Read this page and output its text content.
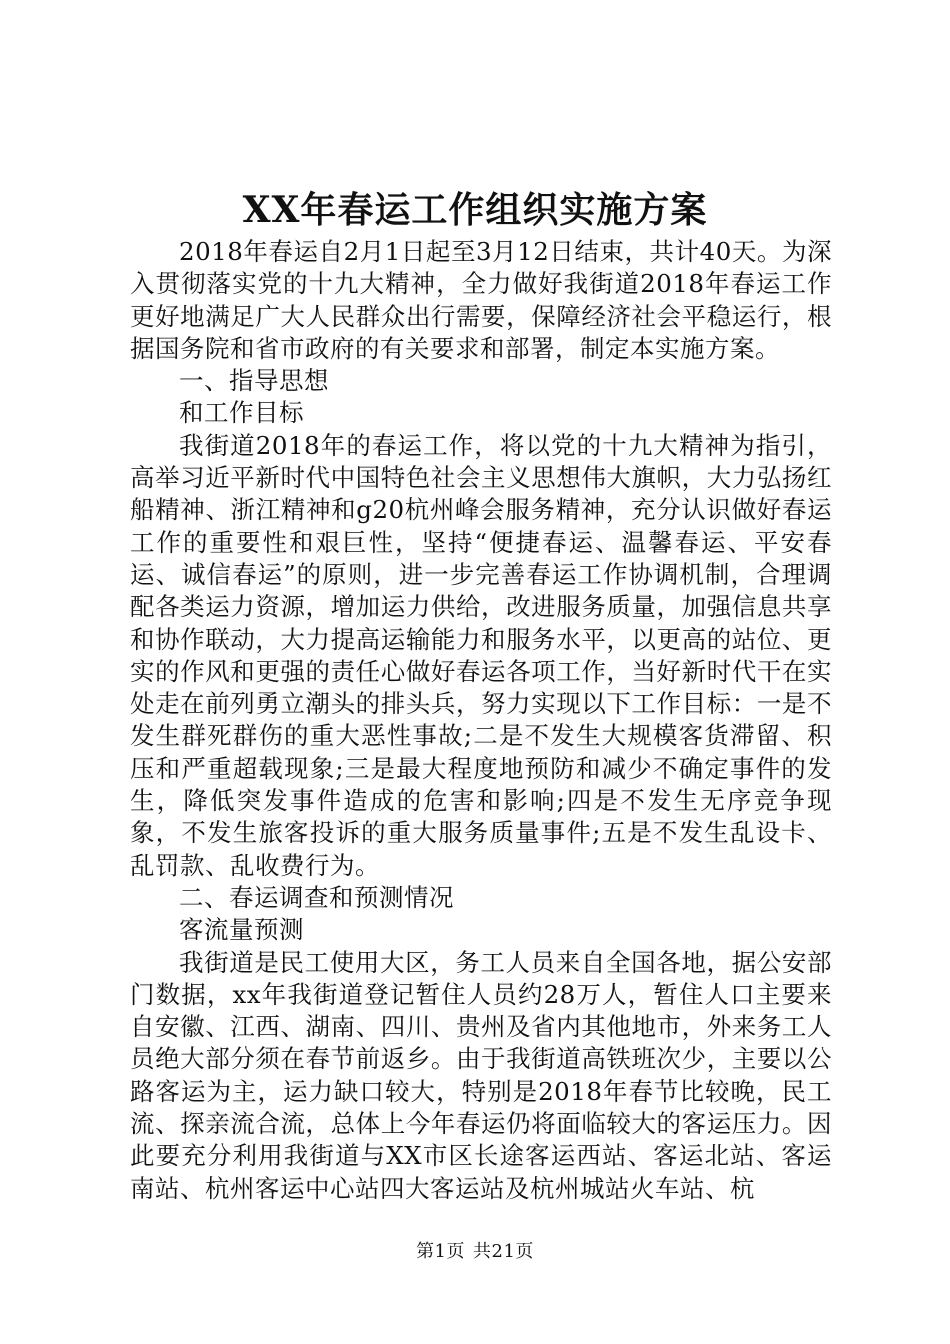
XX年春运工作组织实施方案

2018年春运自2月1日起至3月12日结束，共计40天。为深入贯彻落实党的十九大精神，全力做好我街道2018年春运工作更好地满足广大人民群众出行需要，保障经济社会平稳运行，根据国务院和省市政府的有关要求和部署，制定本实施方案。

一、指导思想

和工作目标

我街道2018年的春运工作，将以党的十九大精神为指引，高举习近平新时代中国特色社会主义思想伟大旗帜，大力弘扬红船精神、浙江精神和g20杭州峰会服务精神，充分认识做好春运工作的重要性和艰巨性，坚持“便捷春运、温馨春运、平安春运、诚信春运”的原则，进一步完善春运工作协调机制，合理调配各类运力资源，增加运力供给，改进服务质量，加强信息共享和协作联动，大力提高运输能力和服务水平，以更高的站位、更实的作风和更强的责任心做好春运各项工作，当好新时代干在实处走在前列勇立潮头的排头兵，努力实现以下工作目标：一是不发生群死群伤的重大恶性事故;二是不发生大规模客货滞留、积压和严重超载现象;三是最大程度地预防和减少不确定事件的发生，降低突发事件造成的危害和影响;四是不发生无序竞争现象，不发生旅客投诉的重大服务质量事件;五是不发生乱设卡、乱罚款、乱收费行为。

二、春运调查和预测情况

客流量预测

我街道是民工使用大区，务工人员来自全国各地，据公安部门数据，xx年我街道登记暂住人员约28万人，暂住人口主要来自安徽、江西、湖南、四川、贵州及省内其他地市，外来务工人员绝大部分须在春节前返乡。由于我街道高铁班次少，主要以公路客运为主，运力缺口较大，特别是2018年春节比较晚，民工流、探亲流合流，总体上今年春运仍将面临较大的客运压力。因此要充分利用我街道与XX市区长途客运西站、客运北站、客运南站、杭州客运中心站四大客运站及杭州城站火车站、杭

第1页 共21页
